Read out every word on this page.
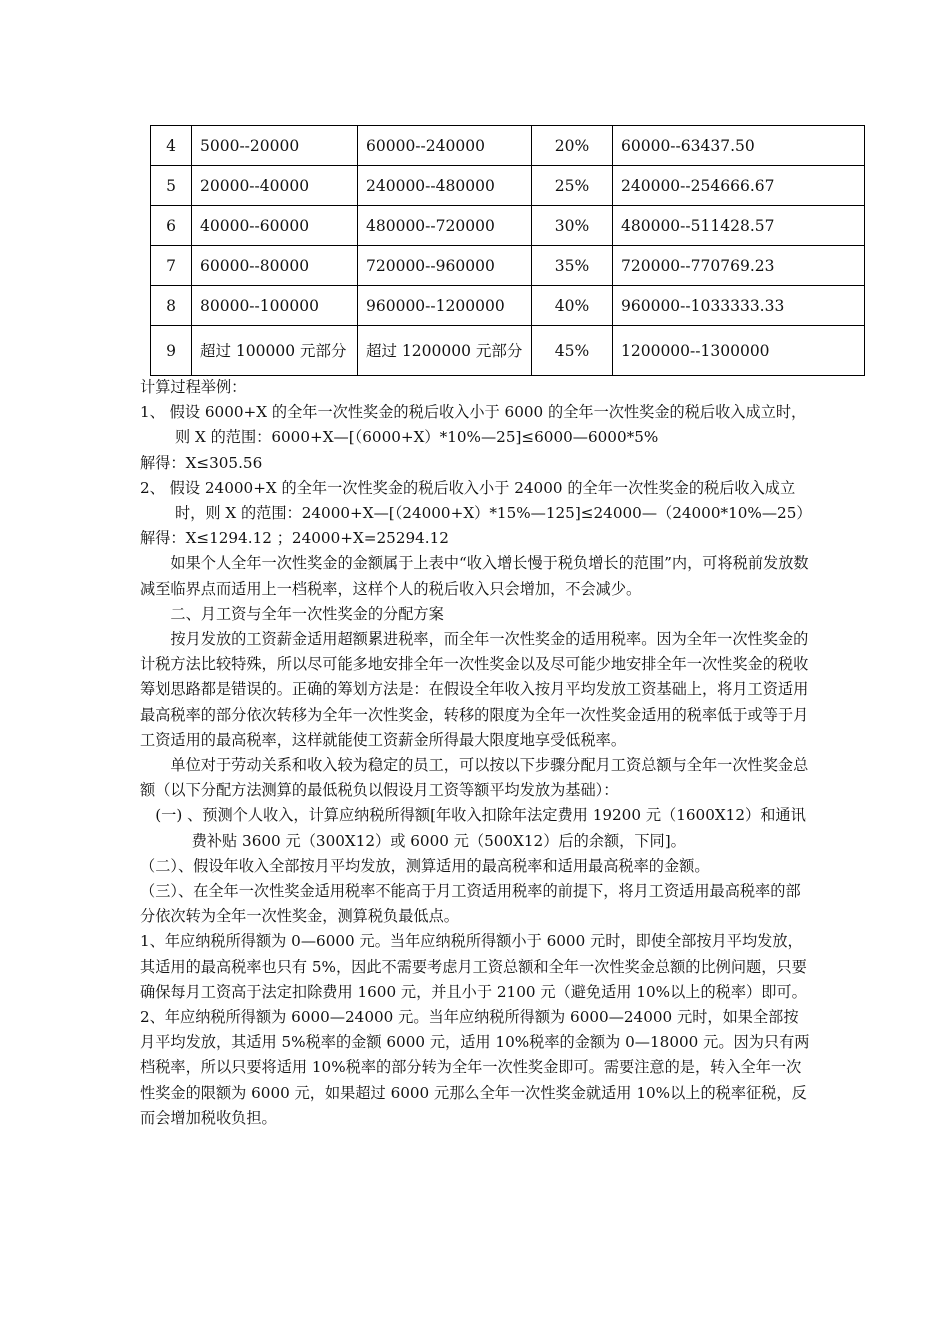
4	5000--20000	60000--240000	20%	60000--63437.50
5	20000--40000	240000--480000	25%	240000--254666.67
6	40000--60000	480000--720000	30%	480000--511428.57
7	60000--80000	720000--960000	35%	720000--770769.23
8	80000--100000	960000--1200000	40%	960000--1033333.33
9	超过 100000 元部分	超过 1200000 元部分	45%	1200000--1300000

计算过程举例：

1、 假设 6000+X 的全年一次性奖金的税后收入小于 6000 的全年一次性奖金的税后收入成立时，则 X 的范围：6000+X—[（6000+X）*10%—25]≤6000—6000*5%

解得：X≤305.56

2、 假设 24000+X 的全年一次性奖金的税后收入小于 24000 的全年一次性奖金的税后收入成立时，则 X 的范围：24000+X—[（24000+X）*15%—125]≤24000—（24000*10%—25）

解得：X≤1294.12 ；24000+X=25294.12

如果个人全年一次性奖金的金额属于上表中“收入增长慢于税负增长的范围”内，可将税前发放数减至临界点而适用上一档税率，这样个人的税后收入只会增加，不会减少。

二、月工资与全年一次性奖金的分配方案

按月发放的工资薪金适用超额累进税率，而全年一次性奖金的适用税率。因为全年一次性奖金的计税方法比较特殊，所以尽可能多地安排全年一次性奖金以及尽可能少地安排全年一次性奖金的税收筹划思路都是错误的。正确的筹划方法是：在假设全年收入按月平均发放工资基础上，将月工资适用最高税率的部分依次转移为全年一次性奖金，转移的限度为全年一次性奖金适用的税率低于或等于月工资适用的最高税率，这样就能使工资薪金所得最大限度地享受低税率。

单位对于劳动关系和收入较为稳定的员工，可以按以下步骤分配月工资总额与全年一次性奖金总额（以下分配方法测算的最低税负以假设月工资等额平均发放为基础）：

(一) 、预测个人收入，计算应纳税所得额[年收入扣除年法定费用 19200 元（1600X12）和通讯费补贴 3600 元（300X12）或 6000 元（500X12）后的余额，下同]。

（二）、假设年收入全部按月平均发放，测算适用的最高税率和适用最高税率的金额。

（三）、在全年一次性奖金适用税率不能高于月工资适用税率的前提下，将月工资适用最高税率的部分依次转为全年一次性奖金，测算税负最低点。

1、年应纳税所得额为 0—6000 元。当年应纳税所得额小于 6000 元时，即使全部按月平均发放，其适用的最高税率也只有 5%，因此不需要考虑月工资总额和全年一次性奖金总额的比例问题，只要确保每月工资高于法定扣除费用 1600 元，并且小于 2100 元（避免适用 10%以上的税率）即可。

2、年应纳税所得额为 6000—24000 元。当年应纳税所得额为 6000—24000 元时，如果全部按月平均发放，其适用 5%税率的金额 6000 元，适用 10%税率的金额为 0—18000 元。因为只有两档税率，所以只要将适用 10%税率的部分转为全年一次性奖金即可。需要注意的是，转入全年一次性奖金的限额为 6000 元，如果超过 6000 元那么全年一次性奖金就适用 10%以上的税率征税，反而会增加税收负担。
